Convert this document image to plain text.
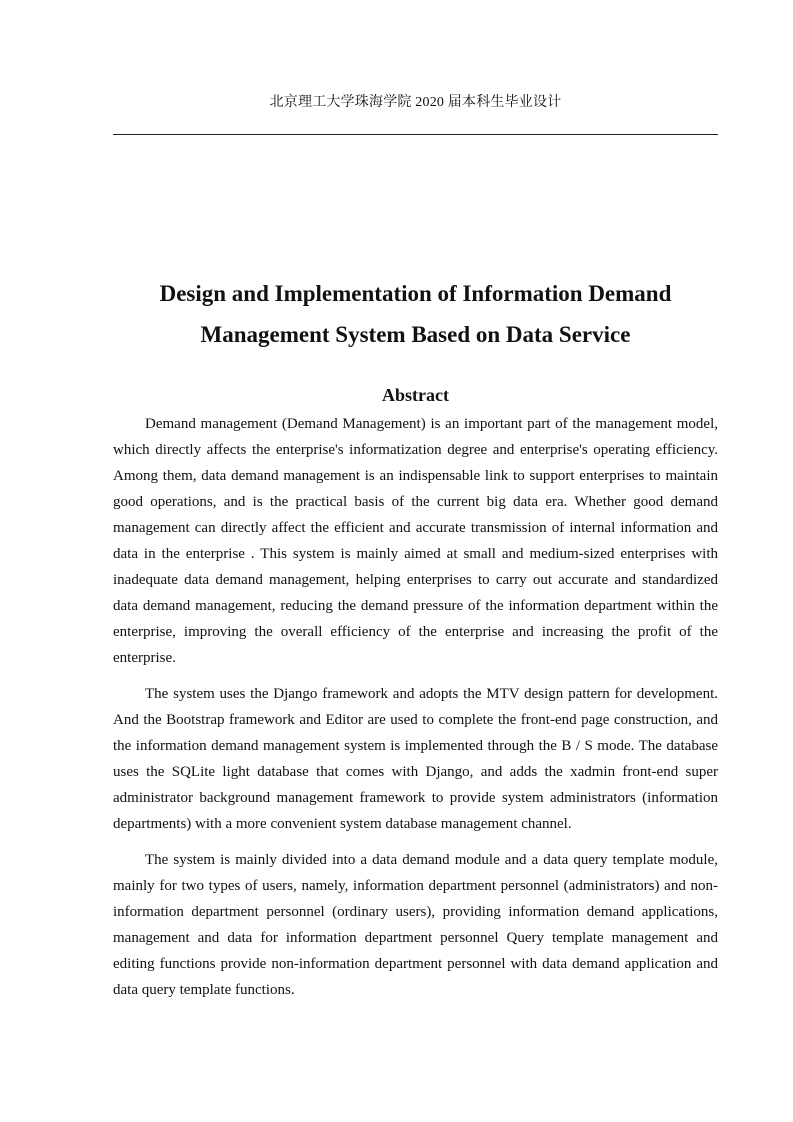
北京理工大学珠海学院 2020 届本科生毕业设计
Design and Implementation of Information Demand
Management System Based on Data Service
Abstract

Demand management (Demand Management) is an important part of the management model, which directly affects the enterprise's informatization degree and enterprise's operating efficiency. Among them, data demand management is an indispensable link to support enterprises to maintain good operations, and is the practical basis of the current big data era. Whether good demand management can directly affect the efficient and accurate transmission of internal information and data in the enterprise . This system is mainly aimed at small and medium-sized enterprises with inadequate data demand management, helping enterprises to carry out accurate and standardized data demand management, reducing the demand pressure of the information department within the enterprise, improving the overall efficiency of the enterprise and increasing the profit of the enterprise.

The system uses the Django framework and adopts the MTV design pattern for development. And the Bootstrap framework and Editor are used to complete the front-end page construction, and the information demand management system is implemented through the B / S mode. The database uses the SQLite light database that comes with Django, and adds the xadmin front-end super administrator background management framework to provide system administrators (information departments) with a more convenient system database management channel.

The system is mainly divided into a data demand module and a data query template module, mainly for two types of users, namely, information department personnel (administrators) and non-information department personnel (ordinary users), providing information demand applications, management and data for information department personnel Query template management and editing functions provide non-information department personnel with data demand application and data query template functions.
